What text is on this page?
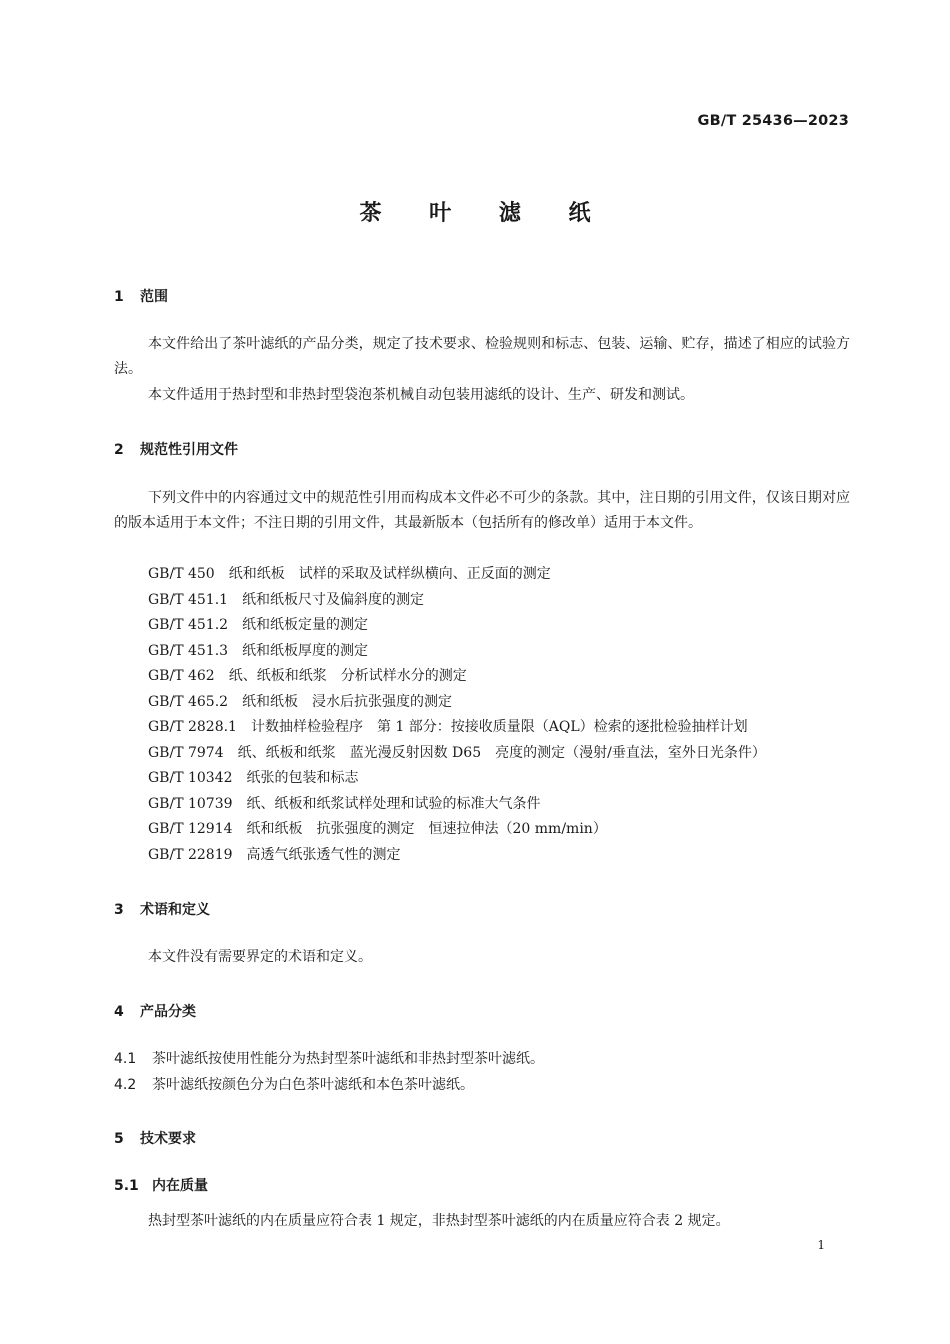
GB/T 25436—2023
茶 叶 滤 纸
1 范围
本文件给出了茶叶滤纸的产品分类，规定了技术要求、检验规则和标志、包装、运输、贮存，描述了相应的试验方法。
本文件适用于热封型和非热封型袋泡茶机械自动包装用滤纸的设计、生产、研发和测试。
2 规范性引用文件
下列文件中的内容通过文中的规范性引用而构成本文件必不可少的条款。其中，注日期的引用文件，仅该日期对应的版本适用于本文件；不注日期的引用文件，其最新版本（包括所有的修改单）适用于本文件。
GB/T 450 纸和纸板　试样的采取及试样纵横向、正反面的测定
GB/T 451.1 纸和纸板尺寸及偏斜度的测定
GB/T 451.2 纸和纸板定量的测定
GB/T 451.3 纸和纸板厚度的测定
GB/T 462 纸、纸板和纸浆　分析试样水分的测定
GB/T 465.2 纸和纸板　浸水后抗张强度的测定
GB/T 2828.1 计数抽样检验程序　第 1 部分：按接收质量限（AQL）检索的逐批检验抽样计划
GB/T 7974 纸、纸板和纸浆　蓝光漫反射因数 D65　亮度的测定（漫射/垂直法，室外日光条件）
GB/T 10342 纸张的包装和标志
GB/T 10739 纸、纸板和纸浆试样处理和试验的标准大气条件
GB/T 12914 纸和纸板　抗张强度的测定　恒速拉伸法（20 mm/min）
GB/T 22819 高透气纸张透气性的测定
3 术语和定义
本文件没有需要界定的术语和定义。
4 产品分类
4.1 茶叶滤纸按使用性能分为热封型茶叶滤纸和非热封型茶叶滤纸。
4.2 茶叶滤纸按颜色分为白色茶叶滤纸和本色茶叶滤纸。
5 技术要求
5.1 内在质量
热封型茶叶滤纸的内在质量应符合表 1 规定，非热封型茶叶滤纸的内在质量应符合表 2 规定。
1
